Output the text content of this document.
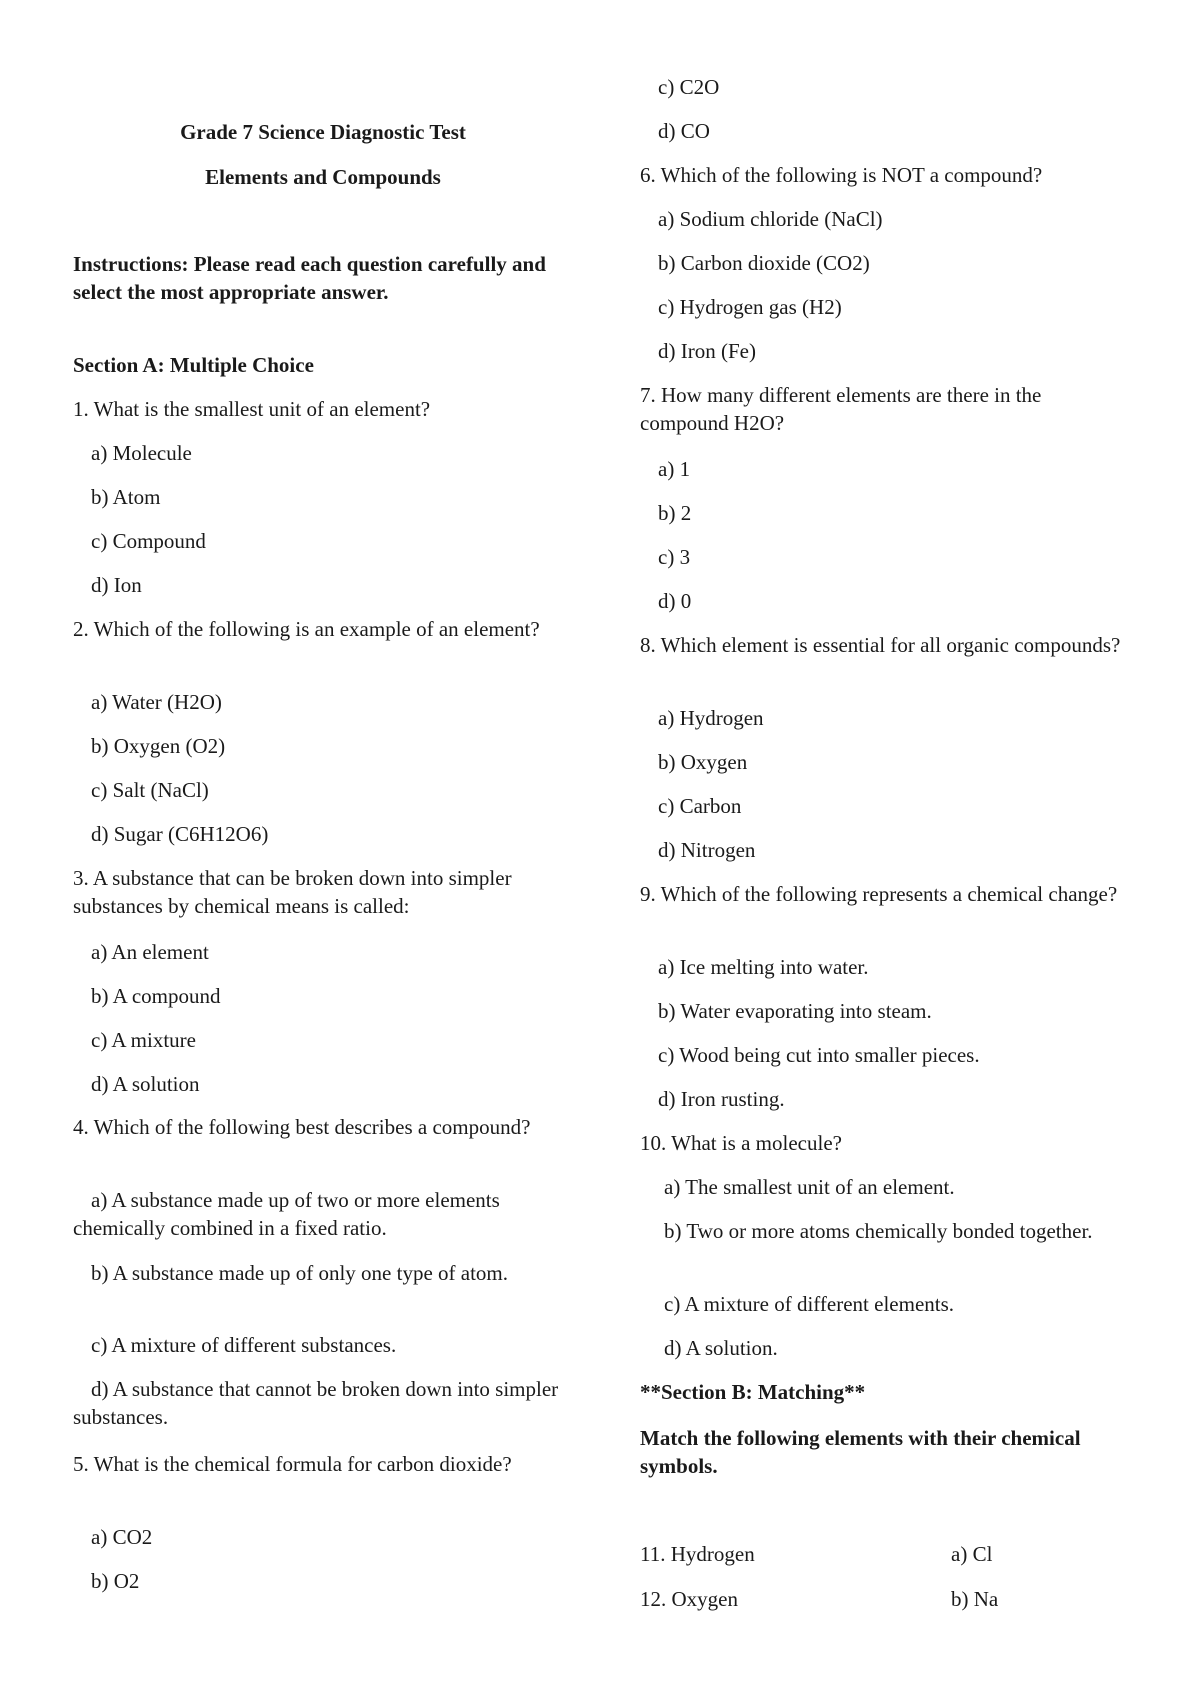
Grade 7 Science Diagnostic Test
Elements and Compounds
Instructions: Please read each question carefully and select the most appropriate answer.
Section A: Multiple Choice
1. What is the smallest unit of an element?
a) Molecule
b) Atom
c) Compound
d) Ion
2. Which of the following is an example of an element?
a) Water (H2O)
b) Oxygen (O2)
c) Salt (NaCl)
d) Sugar (C6H12O6)
3. A substance that can be broken down into simpler substances by chemical means is called:
a) An element
b) A compound
c) A mixture
d) A solution
4. Which of the following best describes a compound?
a) A substance made up of two or more elements chemically combined in a fixed ratio.
b) A substance made up of only one type of atom.
c) A mixture of different substances.
d) A substance that cannot be broken down into simpler substances.
5. What is the chemical formula for carbon dioxide?
a) CO2
b) O2
c) C2O
d) CO
6. Which of the following is NOT a compound?
a) Sodium chloride (NaCl)
b) Carbon dioxide (CO2)
c) Hydrogen gas (H2)
d) Iron (Fe)
7. How many different elements are there in the compound H2O?
a) 1
b) 2
c) 3
d) 0
8. Which element is essential for all organic compounds?
a) Hydrogen
b) Oxygen
c) Carbon
d) Nitrogen
9. Which of the following represents a chemical change?
a) Ice melting into water.
b) Water evaporating into steam.
c) Wood being cut into smaller pieces.
d) Iron rusting.
10. What is a molecule?
a) The smallest unit of an element.
b) Two or more atoms chemically bonded together.
c) A mixture of different elements.
d) A solution.
**Section B: Matching**
Match the following elements with their chemical symbols.
11. Hydrogen	a) Cl
12. Oxygen	b) Na
